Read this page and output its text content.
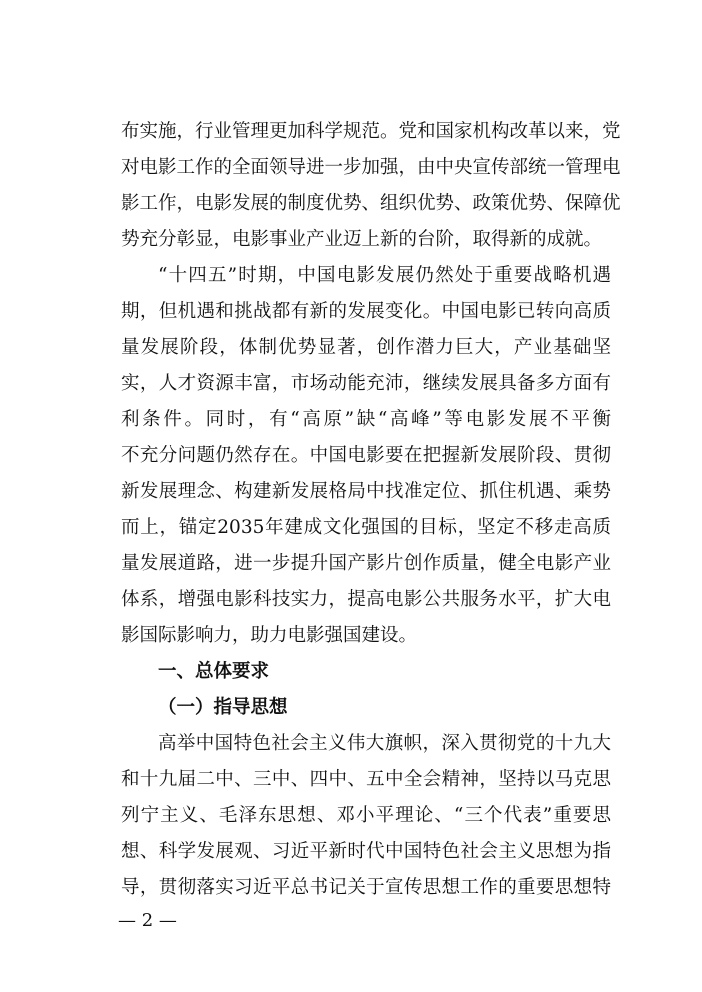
布实施，行业管理更加科学规范。党和国家机构改革以来，党
对电影工作的全面领导进一步加强，由中央宣传部统一管理电
影工作，电影发展的制度优势、组织优势、政策优势、保障优
势充分彰显，电影事业产业迈上新的台阶，取得新的成就。
“十四五”时期，中国电影发展仍然处于重要战略机遇
期，但机遇和挑战都有新的发展变化。中国电影已转向高质
量发展阶段，体制优势显著，创作潜力巨大，产业基础坚
实，人才资源丰富，市场动能充沛，继续发展具备多方面有
利条件。同时，有“高原”缺“高峰”等电影发展不平衡
不充分问题仍然存在。中国电影要在把握新发展阶段、贯彻
新发展理念、构建新发展格局中找准定位、抓住机遇、乘势
而上，锚定2035年建成文化强国的目标，坚定不移走高质
量发展道路，进一步提升国产影片创作质量，健全电影产业
体系，增强电影科技实力，提高电影公共服务水平，扩大电
影国际影响力，助力电影强国建设。
一、总体要求
（一）指导思想
高举中国特色社会主义伟大旗帜，深入贯彻党的十九大
和十九届二中、三中、四中、五中全会精神，坚持以马克思
列宁主义、毛泽东思想、邓小平理论、“三个代表”重要思
想、科学发展观、习近平新时代中国特色社会主义思想为指
导，贯彻落实习近平总书记关于宣传思想工作的重要思想特
— 2 —
